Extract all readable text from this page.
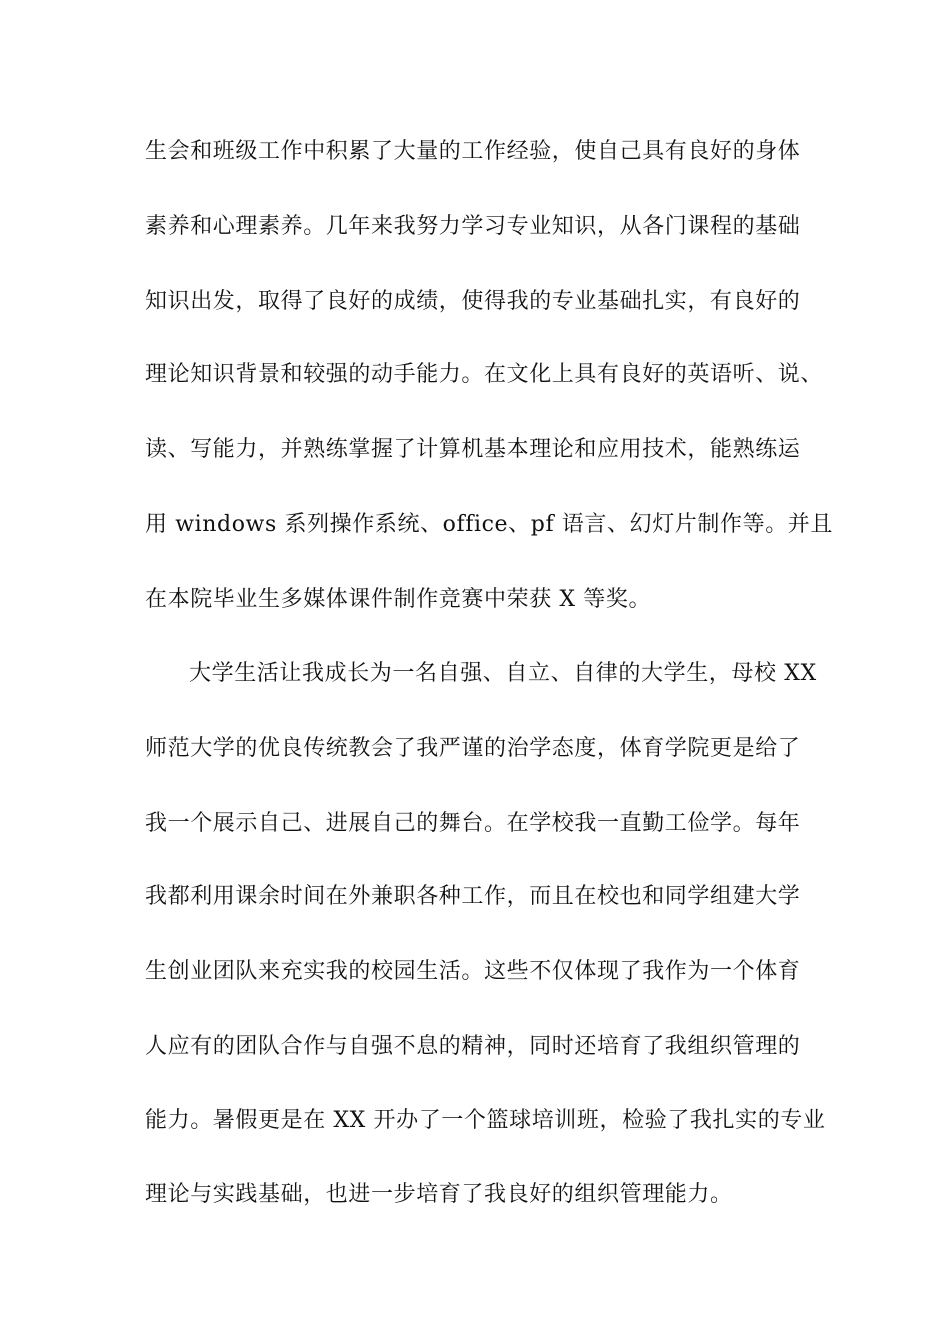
生会和班级工作中积累了大量的工作经验，使自己具有良好的身体
素养和心理素养。几年来我努力学习专业知识，从各门课程的基础
知识出发，取得了良好的成绩，使得我的专业基础扎实，有良好的
理论知识背景和较强的动手能力。在文化上具有良好的英语听、说、
读、写能力，并熟练掌握了计算机基本理论和应用技术，能熟练运
用 windows 系列操作系统、office、pf 语言、幻灯片制作等。并且
在本院毕业生多媒体课件制作竞赛中荣获 X 等奖。
大学生活让我成长为一名自强、自立、自律的大学生，母校 XX
师范大学的优良传统教会了我严谨的治学态度，体育学院更是给了
我一个展示自己、进展自己的舞台。在学校我一直勤工俭学。每年
我都利用课余时间在外兼职各种工作，而且在校也和同学组建大学
生创业团队来充实我的校园生活。这些不仅体现了我作为一个体育
人应有的团队合作与自强不息的精神，同时还培育了我组织管理的
能力。暑假更是在 XX 开办了一个篮球培训班，检验了我扎实的专业
理论与实践基础，也进一步培育了我良好的组织管理能力。
